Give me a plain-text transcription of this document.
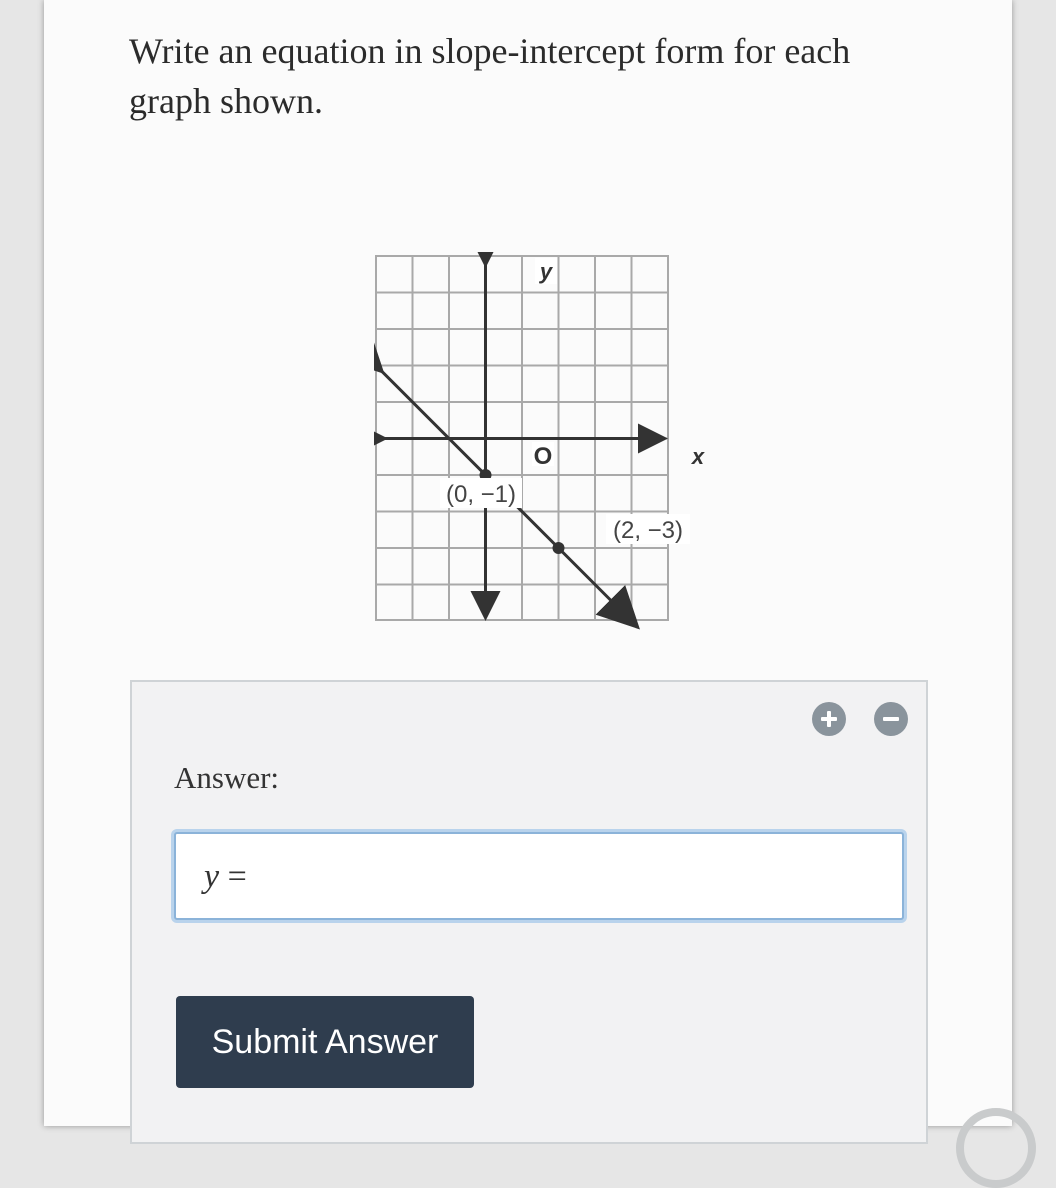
Write an equation in slope-intercept form for each graph shown.

O	x
y
(0, −1)
(2, −3)
Answer:
y =
Submit Answer
